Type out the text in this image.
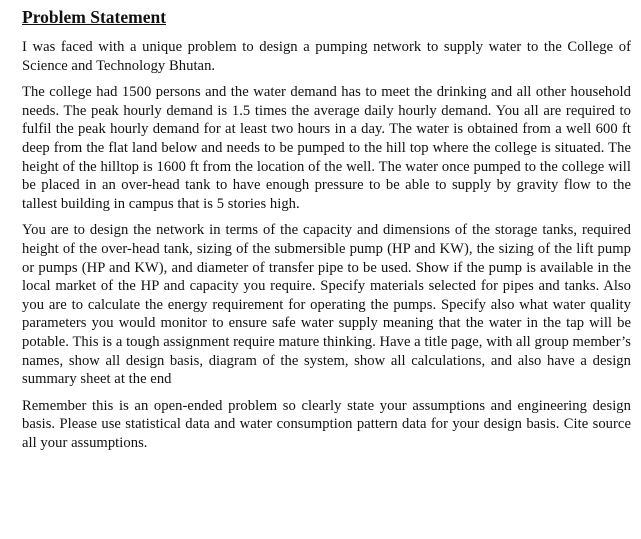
Problem Statement

I was faced with a unique problem to design a pumping network to supply water to the College of Science and Technology Bhutan.

The college had 1500 persons and the water demand has to meet the drinking and all other household needs. The peak hourly demand is 1.5 times the average daily hourly demand. You all are required to fulfil the peak hourly demand for at least two hours in a day. The water is obtained from a well 600 ft deep from the flat land below and needs to be pumped to the hill top where the college is situated. The height of the hilltop is 1600 ft from the location of the well. The water once pumped to the college will be placed in an over-head tank to have enough pressure to be able to supply by gravity flow to the tallest building in campus that is 5 stories high.

You are to design the network in terms of the capacity and dimensions of the storage tanks, required height of the over-head tank, sizing of the submersible pump (HP and KW), the sizing of the lift pump or pumps (HP and KW), and diameter of transfer pipe to be used. Show if the pump is available in the local market of the HP and capacity you require. Specify materials selected for pipes and tanks. Also you are to calculate the energy requirement for operating the pumps. Specify also what water quality parameters you would monitor to ensure safe water supply meaning that the water in the tap will be potable. This is a tough assignment require mature thinking. Have a title page, with all group member’s names, show all design basis, diagram of the system, show all calculations, and also have a design summary sheet at the end

Remember this is an open-ended problem so clearly state your assumptions and engineering design basis. Please use statistical data and water consumption pattern data for your design basis. Cite source all your assumptions.
